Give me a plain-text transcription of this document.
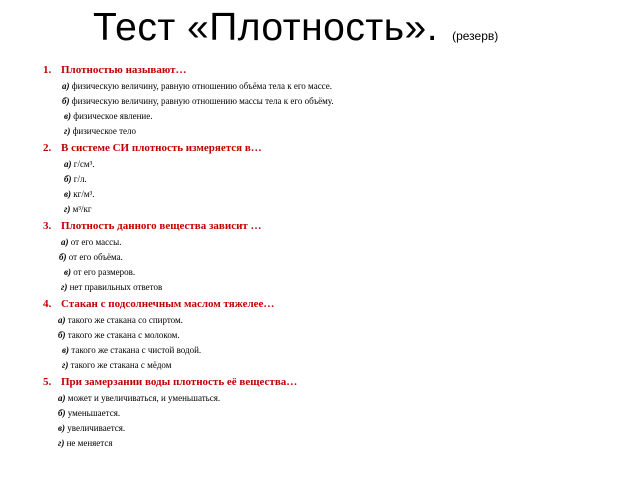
Тест «Плотность». (резерв)
1. Плотностью называют…
а) физическую величину, равную отношению объёма тела к его массе.
б) физическую величину, равную отношению массы тела к его объёму.
в) физическое явление.
г) физическое тело
2. В системе СИ плотность измеряется в…
а) г/см³.
б) г/л.
в) кг/м³.
г) м³/кг
3. Плотность данного вещества зависит …
а) от его массы.
б) от его объёма.
в) от его размеров.
г) нет правильных ответов
4. Стакан с подсолнечным маслом тяжелее…
а) такого же стакана со спиртом.
б) такого же стакана с молоком.
в) такого же стакана с чистой водой.
г) такого же стакана с мёдом
5. При замерзании воды плотность её вещества…
а) может и увеличиваться, и уменьшаться.
б) уменьшается.
в) увеличивается.
г) не меняется
